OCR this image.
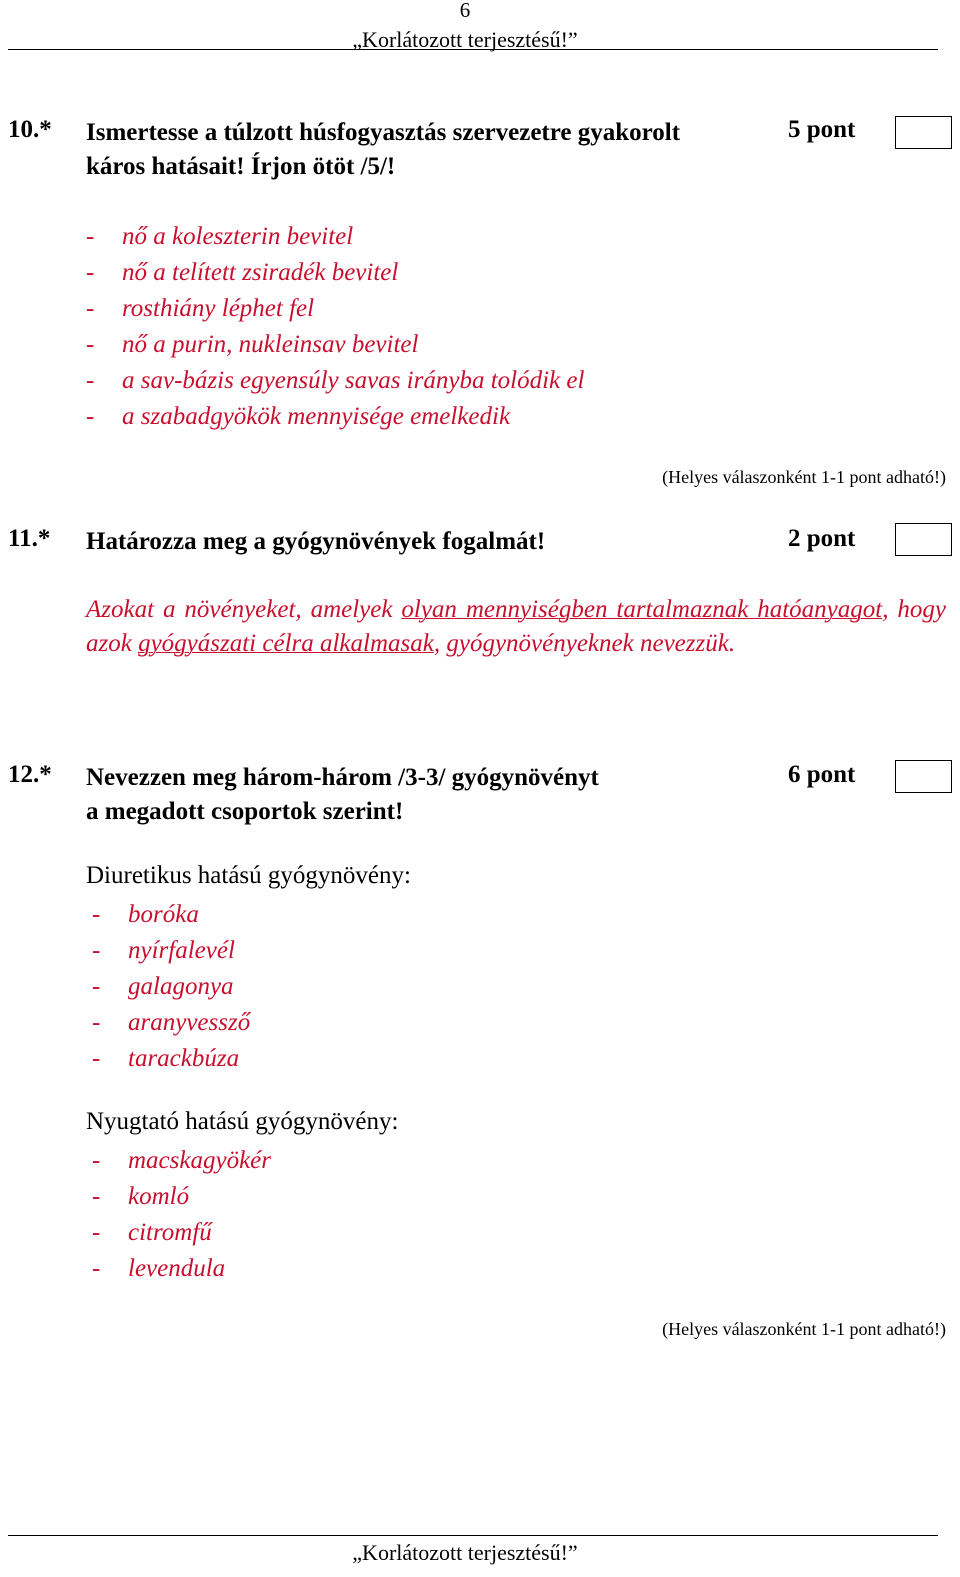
6
„Korlátozott terjesztésű!”
10.* Ismertesse a túlzott húsfogyasztás szervezetre gyakorolt
káros hatásait! Írjon ötöt /5/!
5 pont
- nő a koleszterin bevitel
- nő a telített zsiradék bevitel
- rosthiány léphet fel
- nő a purin, nukleinsav bevitel
- a sav-bázis egyensúly savas irányba tolódik el
- a szabadgyökök mennyisége emelkedik
(Helyes válaszonként 1-1 pont adható!)
11.* Határozza meg a gyógynövények fogalmát!	2 pont
Azokat a növényeket, amelyek olyan mennyiségben tartalmaznak hatóanyagot, hogy azok gyógyászati célra alkalmasak, gyógynövényeknek nevezzük.
12.* Nevezzen meg három-három /3-3/ gyógynövényt
a megadott csoportok szerint!
6 pont
Diuretikus hatású gyógynövény:
- boróka
- nyírfalevél
- galagonya
- aranyvessző
- tarackbúza
Nyugtató hatású gyógynövény:
- macskagyökér
- komló
- citromfű
- levendula
(Helyes válaszonként 1-1 pont adható!)
„Korlátozott terjesztésű!”
